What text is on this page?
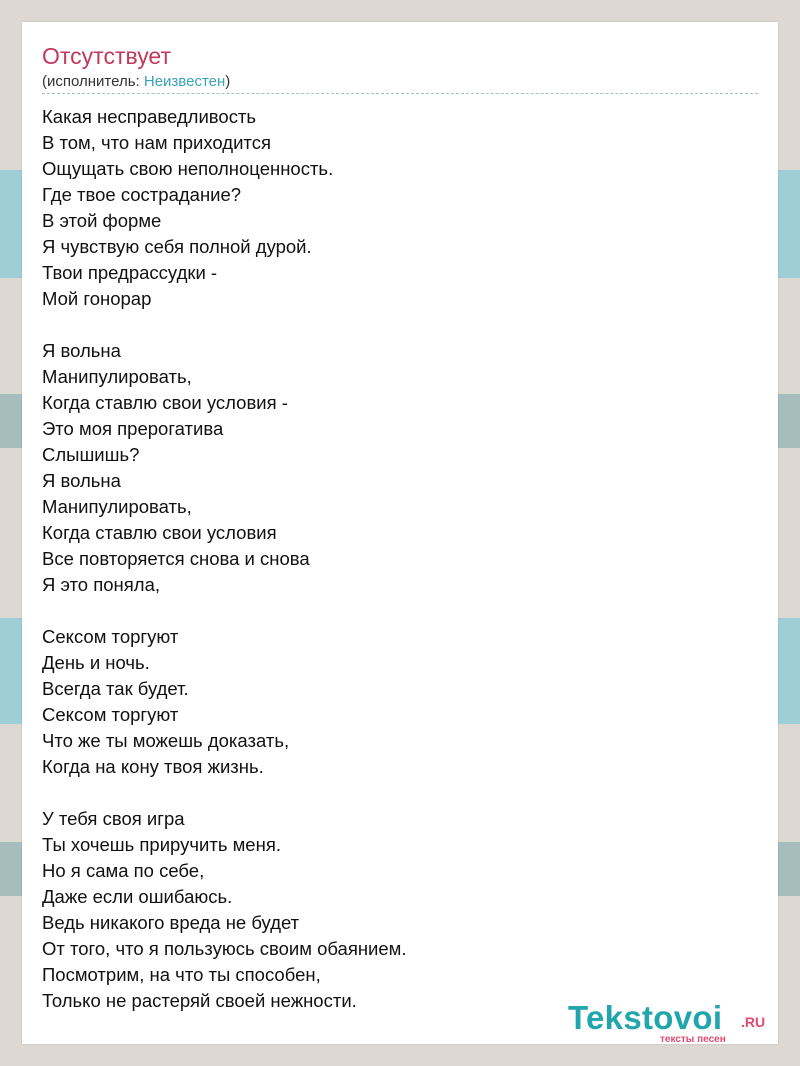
Отсутствует
(исполнитель: Неизвестен)
Какая несправедливость
В том, что нам приходится
Ощущать свою неполноценность.
Где твое сострадание?
В этой форме
Я чувствую себя полной дурой.
Твои предрассудки -
Мой гонорар
Я вольна
Манипулировать,
Когда ставлю свои условия -
Это моя прерогатива
Слышишь?
Я вольна
Манипулировать,
Когда ставлю свои условия
Все повторяется снова и снова
Я это поняла,
Сексом торгуют
День и ночь.
Всегда так будет.
Сексом торгуют
Что же ты можешь доказать,
Когда на кону твоя жизнь.
У тебя своя игра
Ты хочешь приручить меня.
Но я сама по себе,
Даже если ошибаюсь.
Ведь никакого вреда не будет
От того, что я пользуюсь своим обаянием.
Посмотрим, на что ты способен,
Только не растеряй своей нежности.	Tekstovoi .RU
тексты песен
